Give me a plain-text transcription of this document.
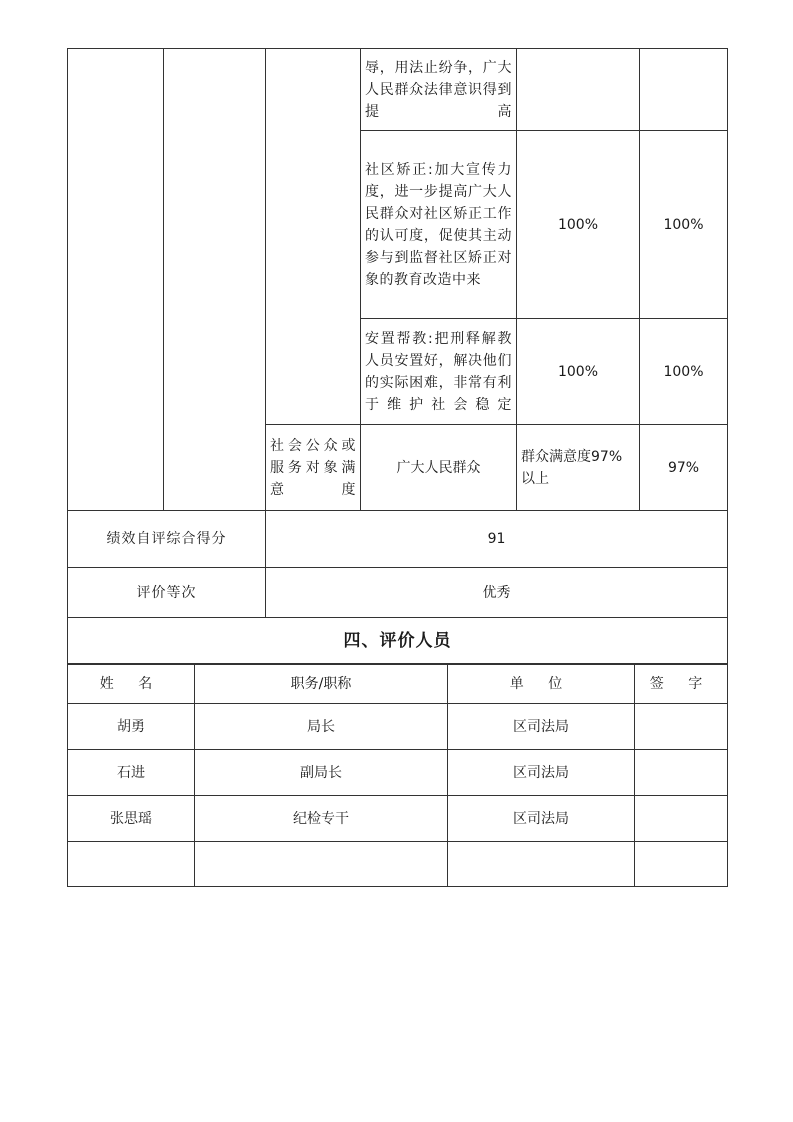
			辱，用法止纷争，广大人民群众法律意识得到提高		
			社区矫正:加大宣传力度，进一步提高广大人民群众对社区矫正工作的认可度，促使其主动参与到监督社区矫正对象的教育改造中来	100%	100%
			安置帮教:把刑释解教人员安置好，解决他们的实际困难，非常有利于维护社会稳定	100%	100%
		社会公众或服务对象满意度	广大人民群众	群众满意度97%以上	97%
绩效自评综合得分		91			
评价等次		优秀			
四、评价人员					
姓 名	职务/职称	单 位	签 字
胡勇	局长	区司法局	
石进	副局长	区司法局	
张思瑶	纪检专干	区司法局	
